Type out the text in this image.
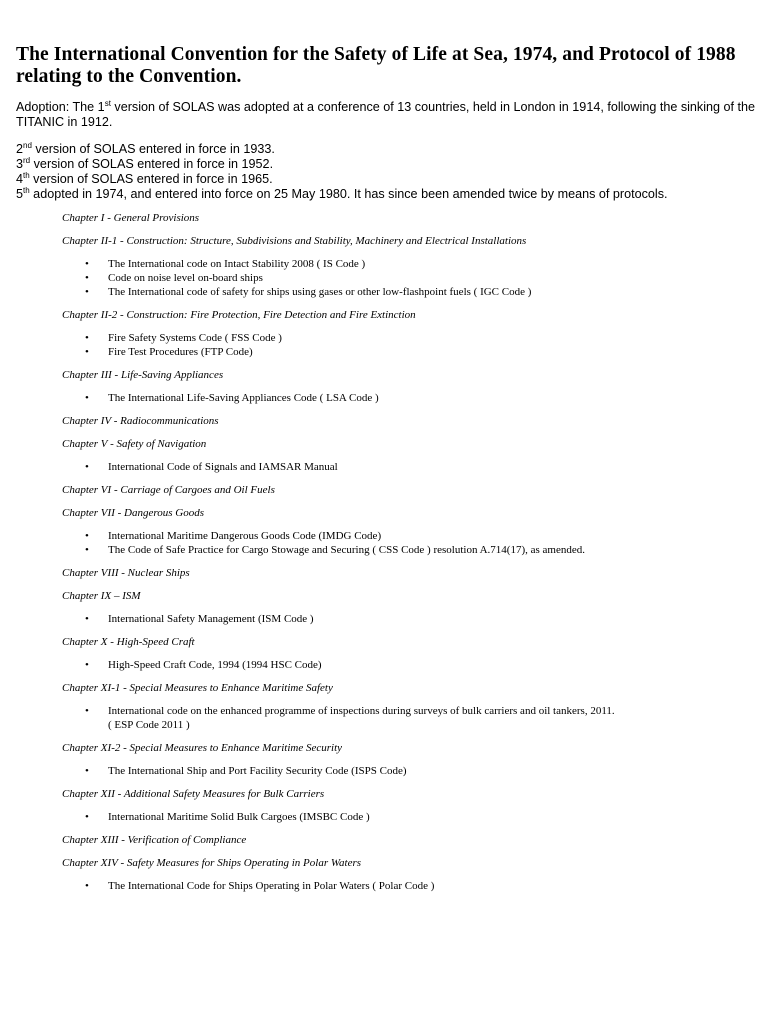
The International Convention for the Safety of Life at Sea, 1974, and Protocol of 1988 relating to the Convention.

Adoption: The 1st version of SOLAS was adopted at a conference of 13 countries, held in London in 1914, following the sinking of the TITANIC in 1912.

2nd version of SOLAS entered in force in 1933.
3rd version of SOLAS entered in force in 1952.
4th version of SOLAS entered in force in 1965.
5th adopted in 1974, and entered into force on 25 May 1980. It has since been amended twice by means of protocols.

Chapter I - General Provisions

Chapter II-1 - Construction: Structure, Subdivisions and Stability, Machinery and Electrical Installations

• The International code on Intact Stability 2008 ( IS Code )
• Code on noise level on-board ships
• The International code of safety for ships using gases or other low-flashpoint fuels ( IGC Code )

Chapter II-2 - Construction: Fire Protection, Fire Detection and Fire Extinction

• Fire Safety Systems Code ( FSS Code )
• Fire Test Procedures (FTP Code)

Chapter III - Life-Saving Appliances

• The International Life-Saving Appliances Code ( LSA Code )

Chapter IV - Radiocommunications

Chapter V - Safety of Navigation

• International Code of Signals and IAMSAR Manual

Chapter VI - Carriage of Cargoes and Oil Fuels

Chapter VII - Dangerous Goods

• International Maritime Dangerous Goods Code (IMDG Code)
• The Code of Safe Practice for Cargo Stowage and Securing ( CSS Code ) resolution A.714(17), as amended.

Chapter VIII - Nuclear Ships

Chapter IX – ISM

• International Safety Management (ISM Code )

Chapter X - High-Speed Craft

• High-Speed Craft Code, 1994 (1994 HSC Code)

Chapter XI-1 - Special Measures to Enhance Maritime Safety

• International code on the enhanced programme of inspections during surveys of bulk carriers and oil tankers, 2011.
( ESP Code 2011 )

Chapter XI-2 - Special Measures to Enhance Maritime Security

• The International Ship and Port Facility Security Code (ISPS Code)

Chapter XII - Additional Safety Measures for Bulk Carriers

• International Maritime Solid Bulk Cargoes (IMSBC Code )

Chapter XIII - Verification of Compliance

Chapter XIV - Safety Measures for Ships Operating in Polar Waters

• The International Code for Ships Operating in Polar Waters ( Polar Code )
